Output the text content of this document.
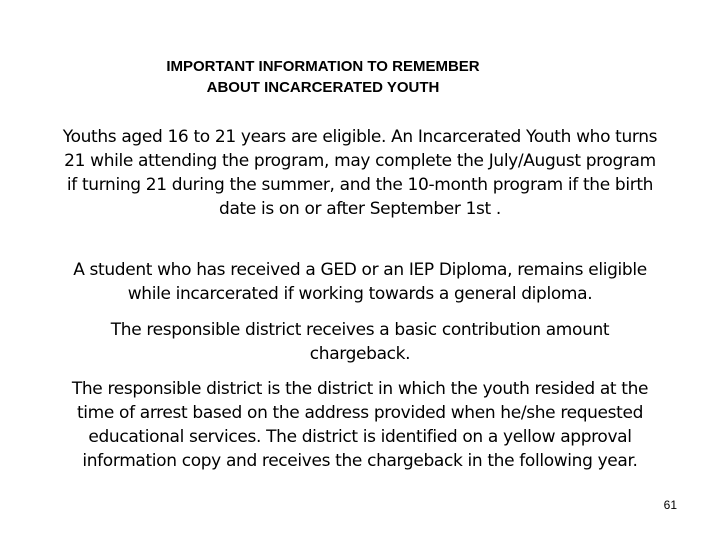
IMPORTANT INFORMATION TO REMEMBER
ABOUT INCARCERATED YOUTH

Youths aged 16 to 21 years are eligible. An Incarcerated Youth who turns 21 while attending the program, may complete the July/August program if turning 21 during the summer, and the 10-month program if the birth date is on or after September 1st .

A student who has received a GED or an IEP Diploma, remains eligible while incarcerated if working towards a general diploma.

The responsible district receives a basic contribution amount chargeback.

The responsible district is the district in which the youth resided at the time of arrest based on the address provided when he/she requested educational services. The district is identified on a yellow approval information copy and receives the chargeback in the following year.

61
